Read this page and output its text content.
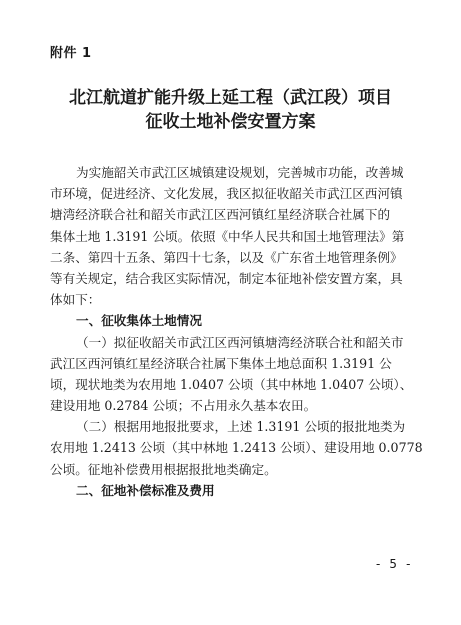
附件 1
北江航道扩能升级上延工程（武江段）项目
征收土地补偿安置方案
为实施韶关市武江区城镇建设规划，完善城市功能，改善城
市环境，促进经济、文化发展，我区拟征收韶关市武江区西河镇
塘湾经济联合社和韶关市武江区西河镇红星经济联合社属下的
集体土地 1.3191 公顷。依照《中华人民共和国土地管理法》第
二条、第四十五条、第四十七条，以及《广东省土地管理条例》
等有关规定，结合我区实际情况，制定本征地补偿安置方案，具
体如下：
一、征收集体土地情况
（一）拟征收韶关市武江区西河镇塘湾经济联合社和韶关市
武江区西河镇红星经济联合社属下集体土地总面积 1.3191 公
顷，现状地类为农用地 1.0407 公顷（其中林地 1.0407 公顷）、
建设用地 0.2784 公顷；不占用永久基本农田。
（二）根据用地报批要求，上述 1.3191 公顷的报批地类为
农用地 1.2413 公顷（其中林地 1.2413 公顷）、建设用地 0.0778
公顷。征地补偿费用根据报批地类确定。
二、征地补偿标准及费用
- 5 -
